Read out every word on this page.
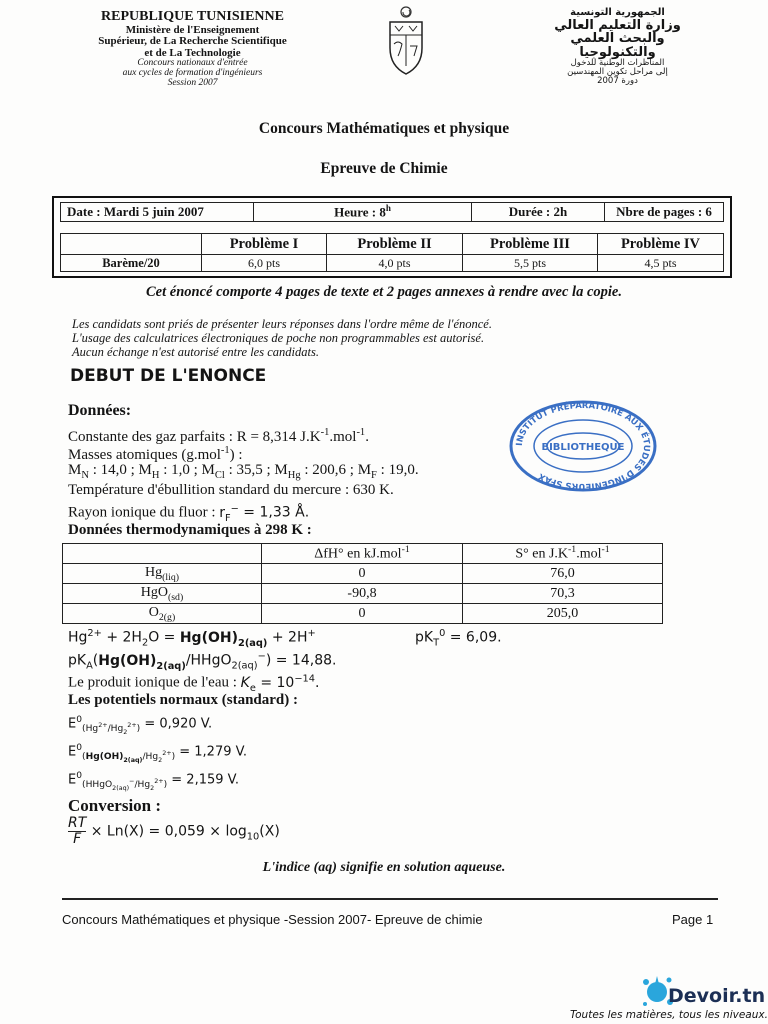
REPUBLIQUE TUNISIENNE
Ministère de l'Enseignement
Supérieur, de La Recherche Scientifique
et de La Technologie
Concours nationaux d'entrée
aux cycles de formation d'ingénieurs
Session 2007
الجمهورية التونسية
وزارة التعليم العالي
والبحث العلمي والتكنولوجيا
المناظرات الوطنية للدخول
إلى مراحل تكوين المهندسين
دورة 2007
Concours Mathématiques et physique
Epreuve de Chimie
Date : Mardi 5 juin 2007	Heure : 8$^h$	Durée : 2h	Nbre de pages : 6
	Problème I	Problème II	Problème III	Problème IV
Barème/20	6,0 pts	4,0 pts	5,5 pts	4,5 pts
Cet énoncé comporte 4 pages de texte et 2 pages annexes à rendre avec la copie.
Les candidats sont priés de présenter leurs réponses dans l'ordre même de l'énoncé.
L'usage des calculatrices électroniques de poche non programmables est autorisé.
Aucun échange n'est autorisé entre les candidats.
DEBUT DE L'ENONCE
Données:
Constante des gaz parfaits : R = 8,314 $J.K^{-1}.mol^{-1}$.
Masses atomiques (g.mol$^{-1}$) :
$M_N$ : 14,0 ; $M_H$ : 1,0 ; $M_{Cl}$ : 35,5 ; $M_{Hg}$ : 200,6 ; $M_F$ : 19,0.
Température d'ébullition standard du mercure : 630 K.
Rayon ionique du fluor : $r_F^- = 1,33$ Å.
Données thermodynamiques à 298 K :
	ΔfH° en kJ.mol$^{-1}$	S° en $J.K^{-1}.mol^{-1}$
$Hg_{(liq)}$	0	76,0
HgO$_{(sd)}$	-90,8	70,3
$O_{2(g)}$	0	205,0
$Hg^{2+} + 2H_2O = Hg(OH)_{2(aq)} + 2H^+$	$pK_T^0 = 6,09$.
$pK_A(Hg(OH)_{2(aq)}/HHgO_{2(aq)}^-) = 14,88$.
Le produit ionique de l'eau : $K_e = 10^{-14}$.
Les potentiels normaux (standard) :
$E^0_{(Hg^{2+}/Hg_2^{2+})} = 0,920$ V.
$E^0_{(Hg(OH)_{2(aq)}/Hg_2^{2+})} = 1,279$ V.
$E^0_{(HHgO_{2(aq)}^-/Hg_2^{2+})} = 2,159$ V.
Conversion :
$\frac{RT}{F} \times Ln(X) = 0,059 \times \log_{10}(X)$
L'indice (aq) signifie en solution aqueuse.
INSTITUT PRÉPARATOIRE AUX ÉTUDES D'INGÉNIEURS SFAX
BIBLIOTHEQUE
Concours Mathématiques et physique -Session 2007- Epreuve de chimie	Page 1
Devoir.tn
Toutes les matières, tous les niveaux.
